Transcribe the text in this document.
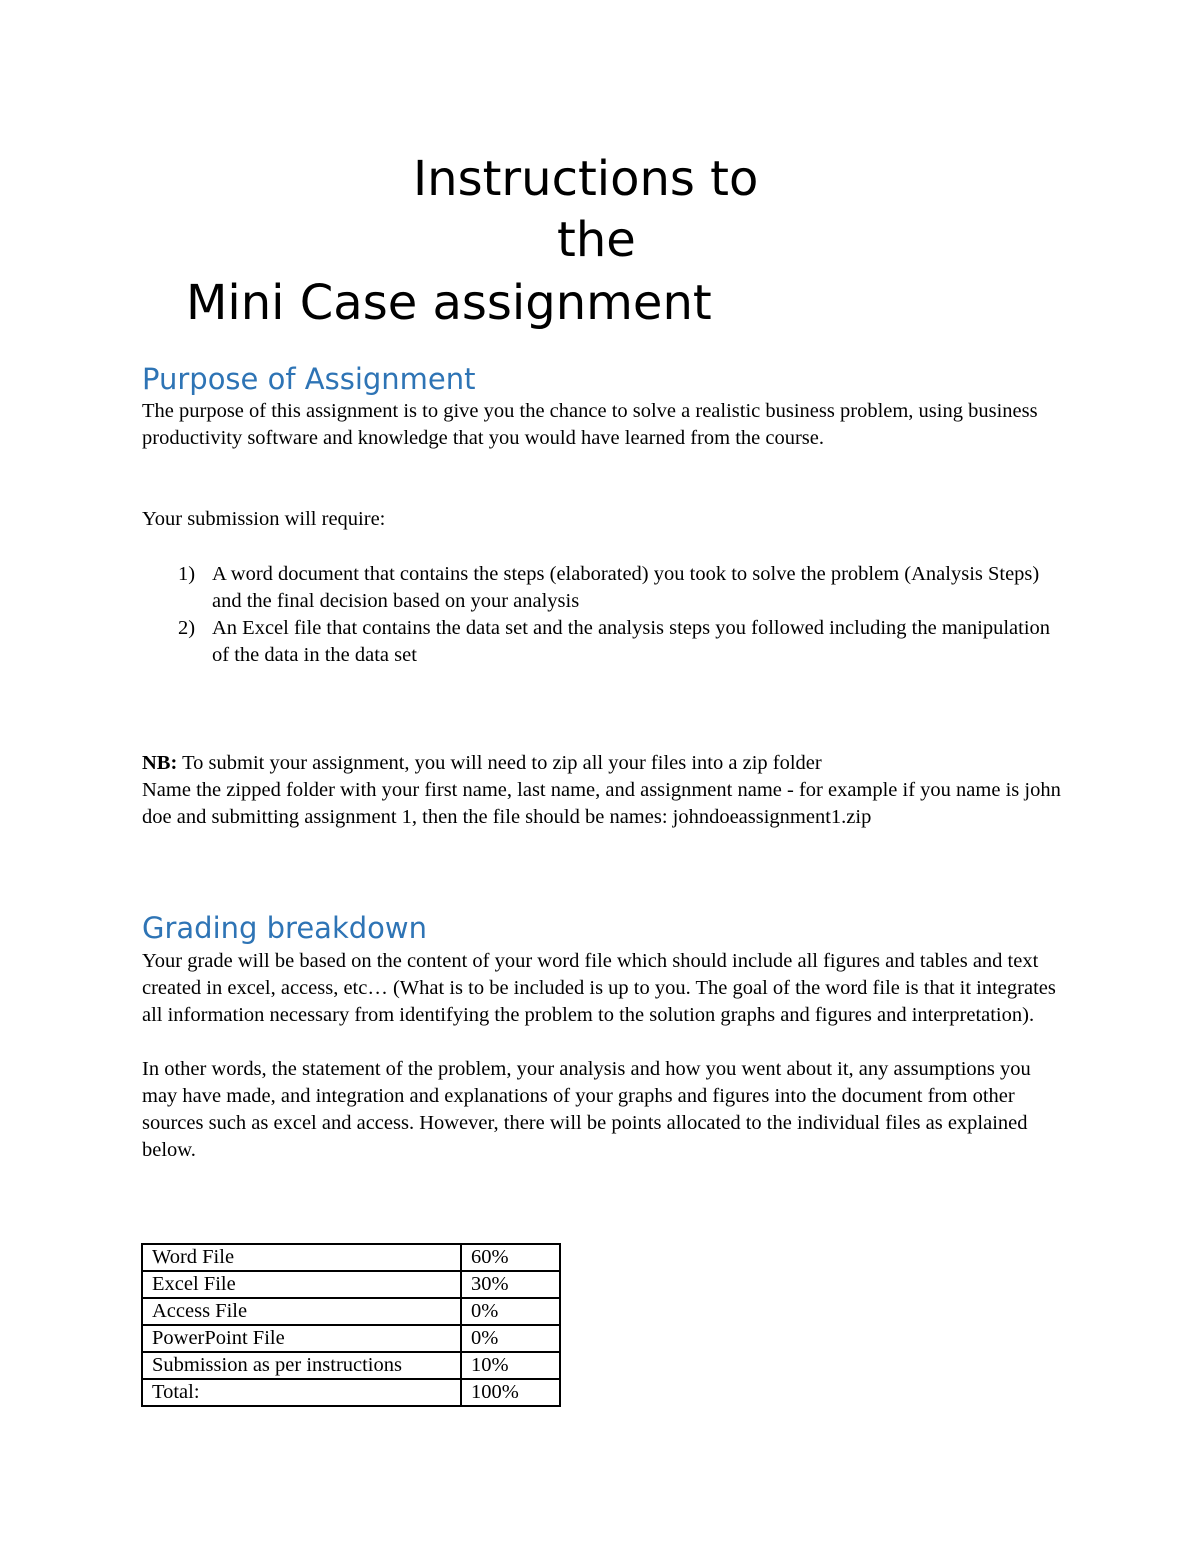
Instructions to
the
Mini Case assignment
Purpose of Assignment

The purpose of this assignment is to give you the chance to solve a realistic business problem, using business productivity software and knowledge that you would have learned from the course.

Your submission will require:

1) A word document that contains the steps (elaborated) you took to solve the problem (Analysis Steps) and the final decision based on your analysis
2) An Excel file that contains the data set and the analysis steps you followed including the manipulation of the data in the data set
NB: To submit your assignment, you will need to zip all your files into a zip folder
Name the zipped folder with your first name, last name, and assignment name - for example if you name is john doe and submitting assignment 1, then the file should be names: johndoeassignment1.zip
Grading breakdown

Your grade will be based on the content of your word file which should include all figures and tables and text created in excel, access, etc… (What is to be included is up to you. The goal of the word file is that it integrates all information necessary from identifying the problem to the solution graphs and figures and interpretation).

In other words, the statement of the problem, your analysis and how you went about it, any assumptions you may have made, and integration and explanations of your graphs and figures into the document from other sources such as excel and access. However, there will be points allocated to the individual files as explained below.

Word File	60%
Excel File	30%
Access File	0%
PowerPoint File	0%
Submission as per instructions	10%
Total:	100%
